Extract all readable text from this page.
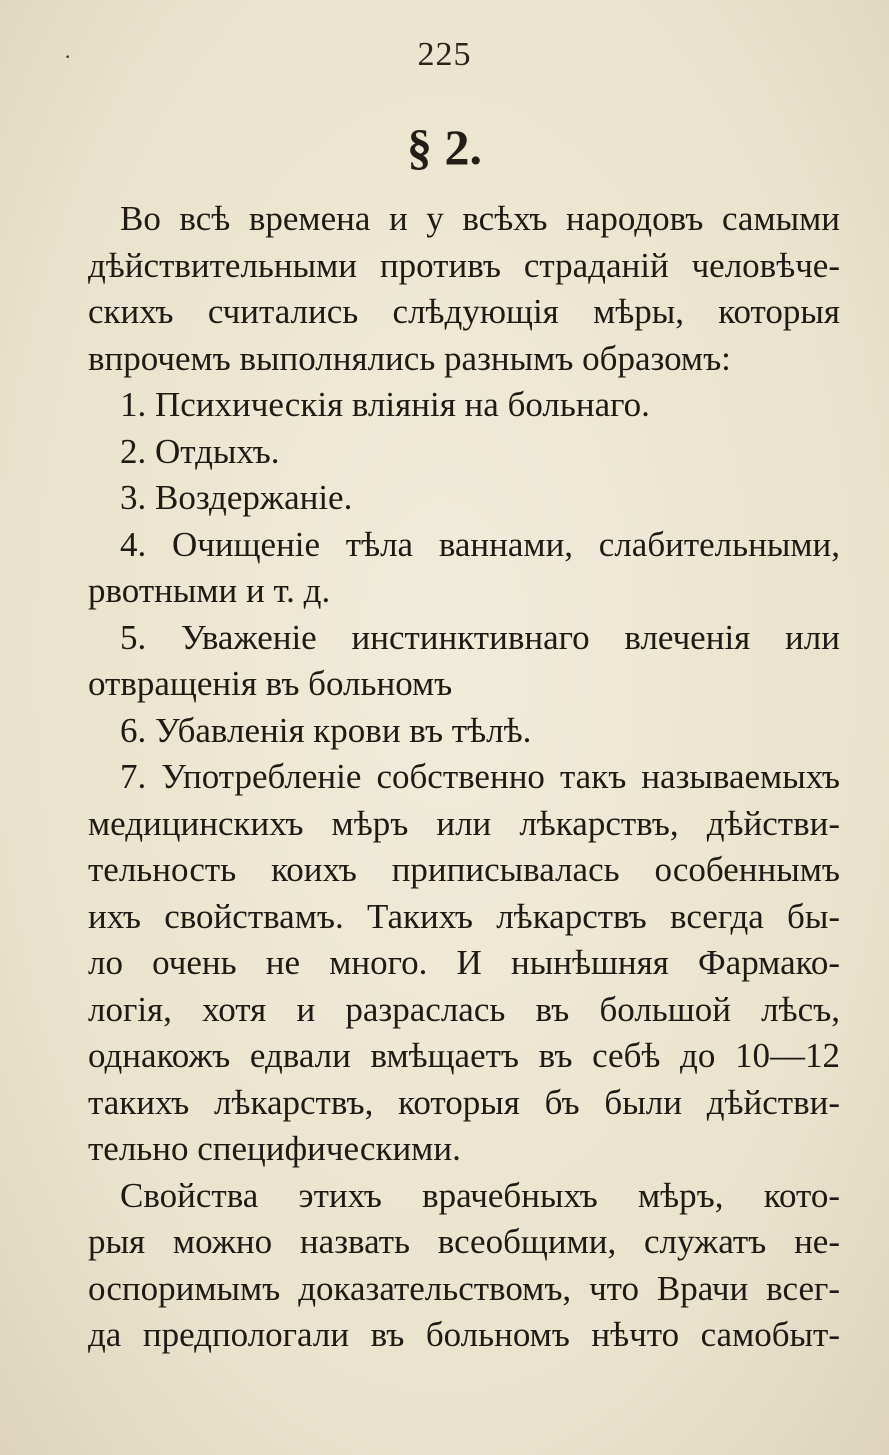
·	225
§ 2.
Во всѣ времена и у всѣхъ народовъ самыми
дѣйствительными противъ страданій человѣче-
скихъ считались слѣдующія мѣры, которыя
впрочемъ выполнялись разнымъ образомъ:
1. Психическія вліянія на больнаго.
2. Отдыхъ.
3. Воздержаніе.
4. Очищеніе тѣла ваннами, слабительными,
рвотными и т. д.
5. Уваженіе инстинктивнаго влеченія или
отвращенія въ больномъ
6. Убавленія крови въ тѣлѣ.
7. Употребленіе собственно такъ называемыхъ
медицинскихъ мѣръ или лѣкарствъ, дѣйстви-
тельность коихъ приписывалась особеннымъ
ихъ свойствамъ. Такихъ лѣкарствъ всегда бы-
ло очень не много. И нынѣшняя Фармако-
логія, хотя и разраслась въ большой лѣсъ,
однакожъ едвали вмѣщаетъ въ себѣ до 10—12
такихъ лѣкарствъ, которыя бъ были дѣйстви-
тельно специфическими.
Свойства этихъ врачебныхъ мѣръ, кото-
рыя можно назвать всеобщими, служатъ не-
оспоримымъ доказательствомъ, что Врачи всег-
да предпологали въ больномъ нѣчто самобыт-
